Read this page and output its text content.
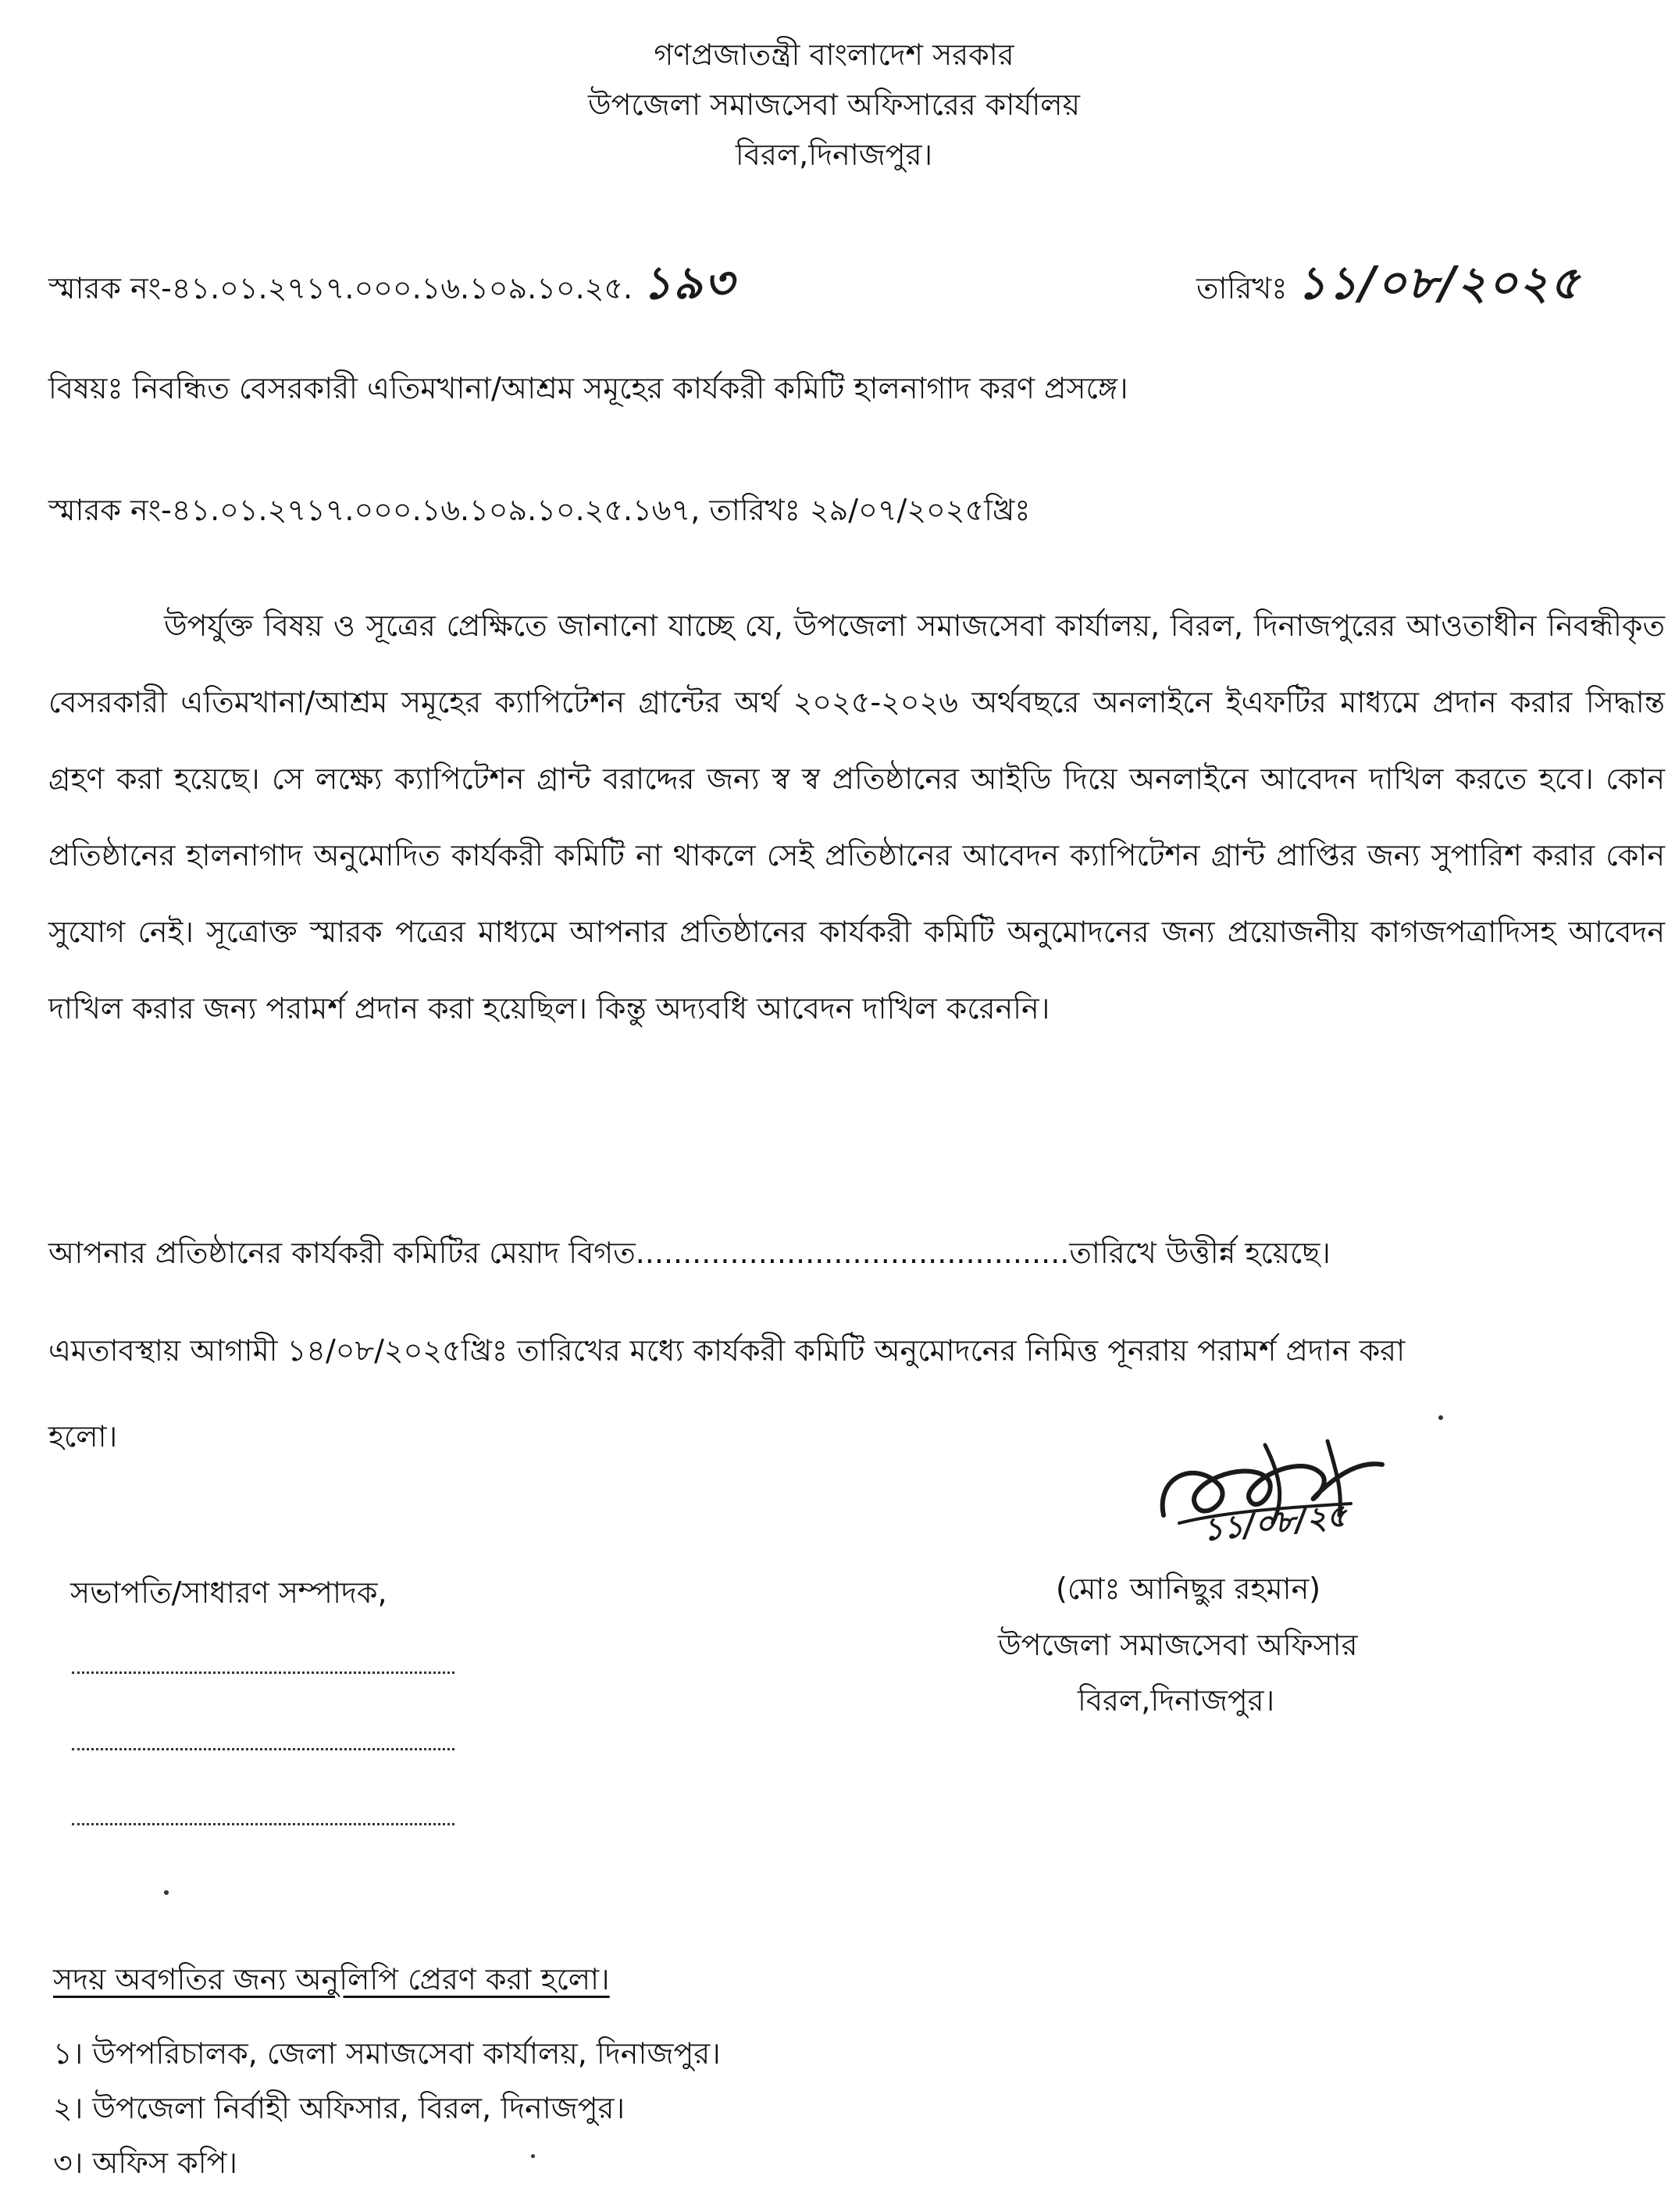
গণপ্রজাতন্ত্রী বাংলাদেশ সরকার
উপজেলা সমাজসেবা অফিসারের কার্যালয়
বিরল,দিনাজপুর।
স্মারক নং-৪১.০১.২৭১৭.০০০.১৬.১০৯.১০.২৫. ১৯৩	তারিখঃ ১১/০৮/২০২৫
বিষয়ঃ নিবন্ধিত বেসরকারী এতিমখানা/আশ্রম সমূহের কার্যকরী কমিটি হালনাগাদ করণ প্রসঙ্গে।
স্মারক নং-৪১.০১.২৭১৭.০০০.১৬.১০৯.১০.২৫.১৬৭, তারিখঃ ২৯/০৭/২০২৫খ্রিঃ
উপর্যুক্ত বিষয় ও সূত্রের প্রেক্ষিতে জানানো যাচ্ছে যে, উপজেলা সমাজসেবা কার্যালয়, বিরল, দিনাজপুরের আওতাধীন নিবন্ধীকৃত বেসরকারী এতিমখানা/আশ্রম সমূহের ক্যাপিটেশন গ্রান্টের অর্থ ২০২৫-২০২৬ অর্থবছরে অনলাইনে ইএফটির মাধ্যমে প্রদান করার সিদ্ধান্ত গ্রহণ করা হয়েছে। সে লক্ষ্যে ক্যাপিটেশন গ্রান্ট বরাদ্দের জন্য স্ব স্ব প্রতিষ্ঠানের আইডি দিয়ে অনলাইনে আবেদন দাখিল করতে হবে। কোন প্রতিষ্ঠানের হালনাগাদ অনুমোদিত কার্যকরী কমিটি না থাকলে সেই প্রতিষ্ঠানের আবেদন ক্যাপিটেশন গ্রান্ট প্রাপ্তির জন্য সুপারিশ করার কোন সুযোগ নেই। সূত্রোক্ত স্মারক পত্রের মাধ্যমে আপনার প্রতিষ্ঠানের কার্যকরী কমিটি অনুমোদনের জন্য প্রয়োজনীয় কাগজপত্রাদিসহ আবেদন দাখিল করার জন্য পরামর্শ প্রদান করা হয়েছিল। কিন্তু অদ্যবধি আবেদন দাখিল করেননি।
আপনার প্রতিষ্ঠানের কার্যকরী কমিটির মেয়াদ বিগত..............................................তারিখে উত্তীর্ন্ন হয়েছে।
এমতাবস্থায় আগামী ১৪/০৮/২০২৫খ্রিঃ তারিখের মধ্যে কার্যকরী কমিটি অনুমোদনের নিমিত্ত পূনরায় পরামর্শ প্রদান করা
হলো।
১১/০৮/২৫
সভাপতি/সাধারণ সম্পাদক,	(মোঃ আনিছুর রহমান)
উপজেলা সমাজসেবা অফিসার
বিরল,দিনাজপুর।
সদয় অবগতির জন্য অনুলিপি প্রেরণ করা হলো।
১। উপপরিচালক, জেলা সমাজসেবা কার্যালয়, দিনাজপুর।
২। উপজেলা নির্বাহী অফিসার, বিরল, দিনাজপুর।
৩। অফিস কপি।
